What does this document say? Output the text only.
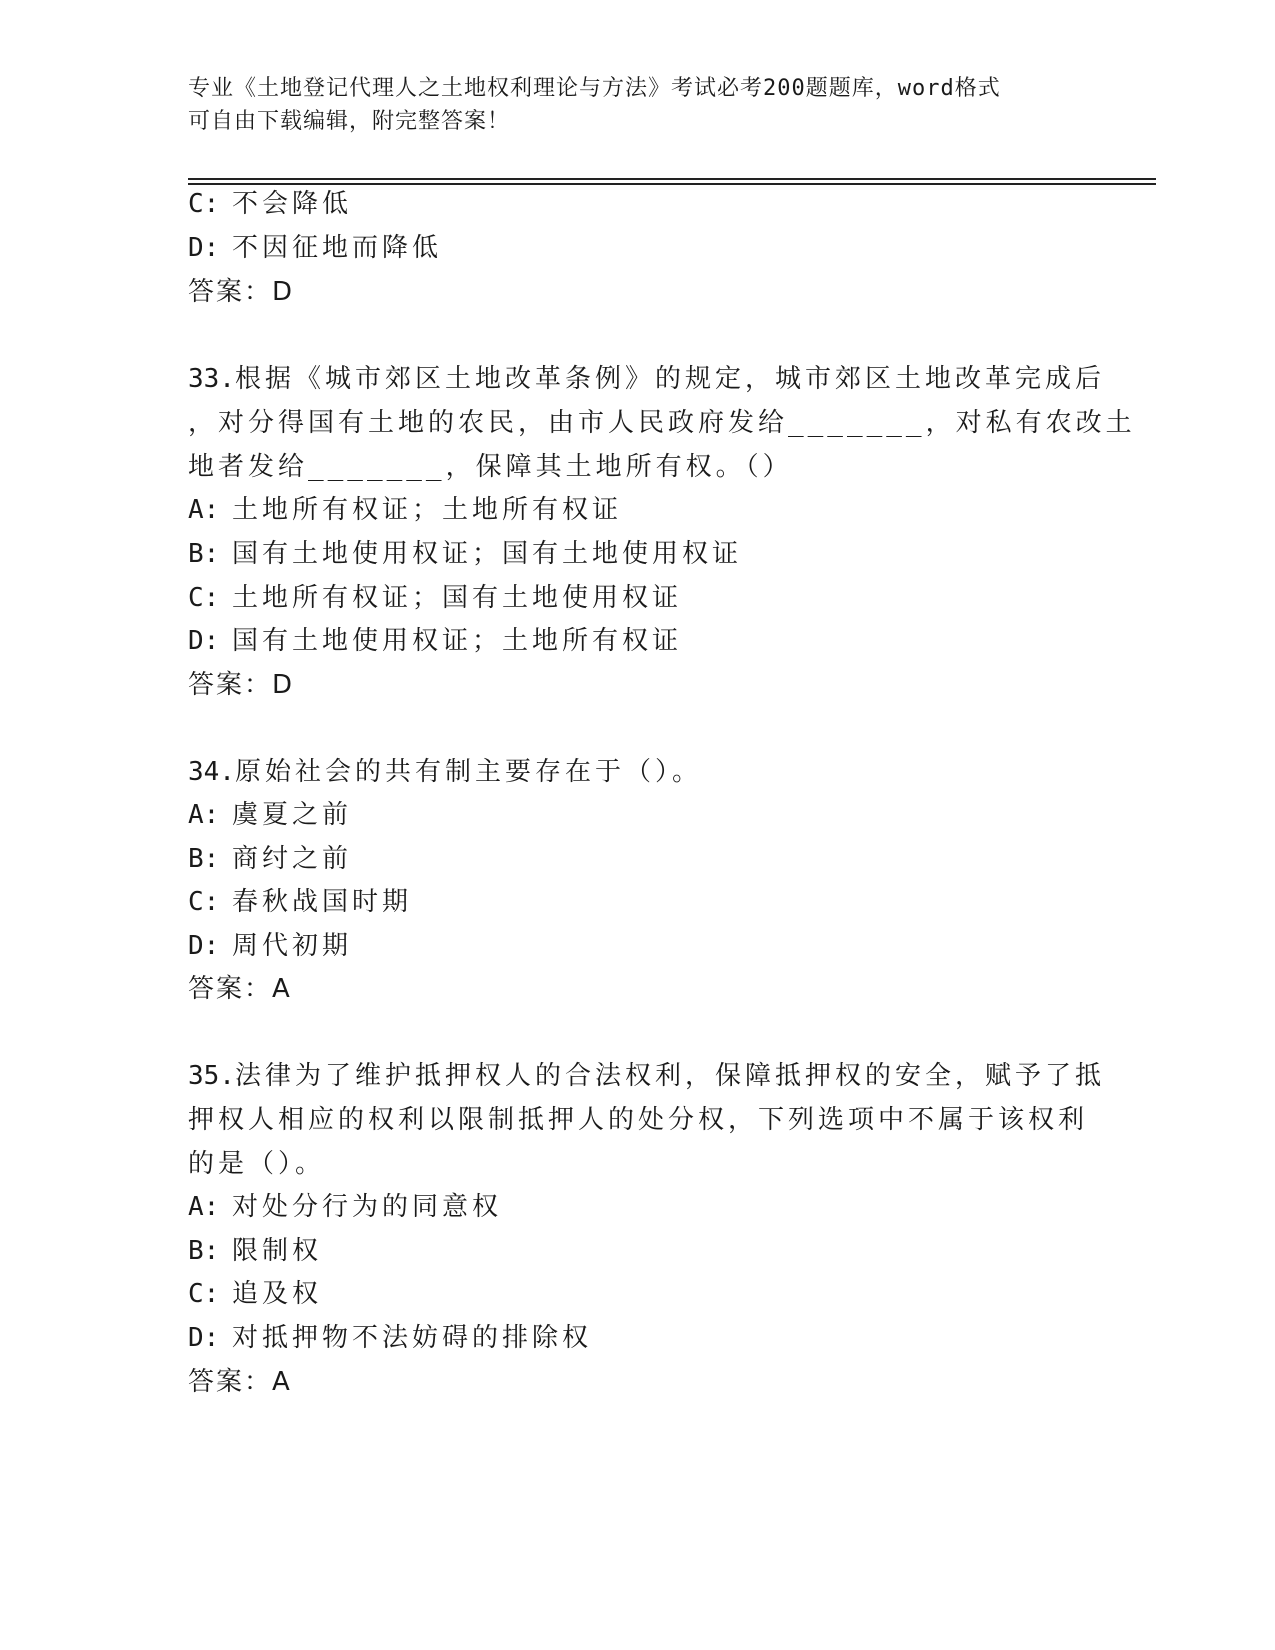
专业《土地登记代理人之土地权利理论与方法》考试必考200题题库，word格式
可自由下载编辑，附完整答案！
C: 不会降低
D: 不因征地而降低
答案：D
33.根据《城市郊区土地改革条例》的规定，城市郊区土地改革完成后
，对分得国有土地的农民，由市人民政府发给_______，对私有农改土
地者发给_______，保障其土地所有权。（）
A: 土地所有权证；土地所有权证
B: 国有土地使用权证；国有土地使用权证
C: 土地所有权证；国有土地使用权证
D: 国有土地使用权证；土地所有权证
答案：D
34.原始社会的共有制主要存在于（）。
A: 虞夏之前
B: 商纣之前
C: 春秋战国时期
D: 周代初期
答案：A
35.法律为了维护抵押权人的合法权利，保障抵押权的安全，赋予了抵
押权人相应的权利以限制抵押人的处分权，下列选项中不属于该权利
的是（）。
A: 对处分行为的同意权
B: 限制权
C: 追及权
D: 对抵押物不法妨碍的排除权
答案：A
